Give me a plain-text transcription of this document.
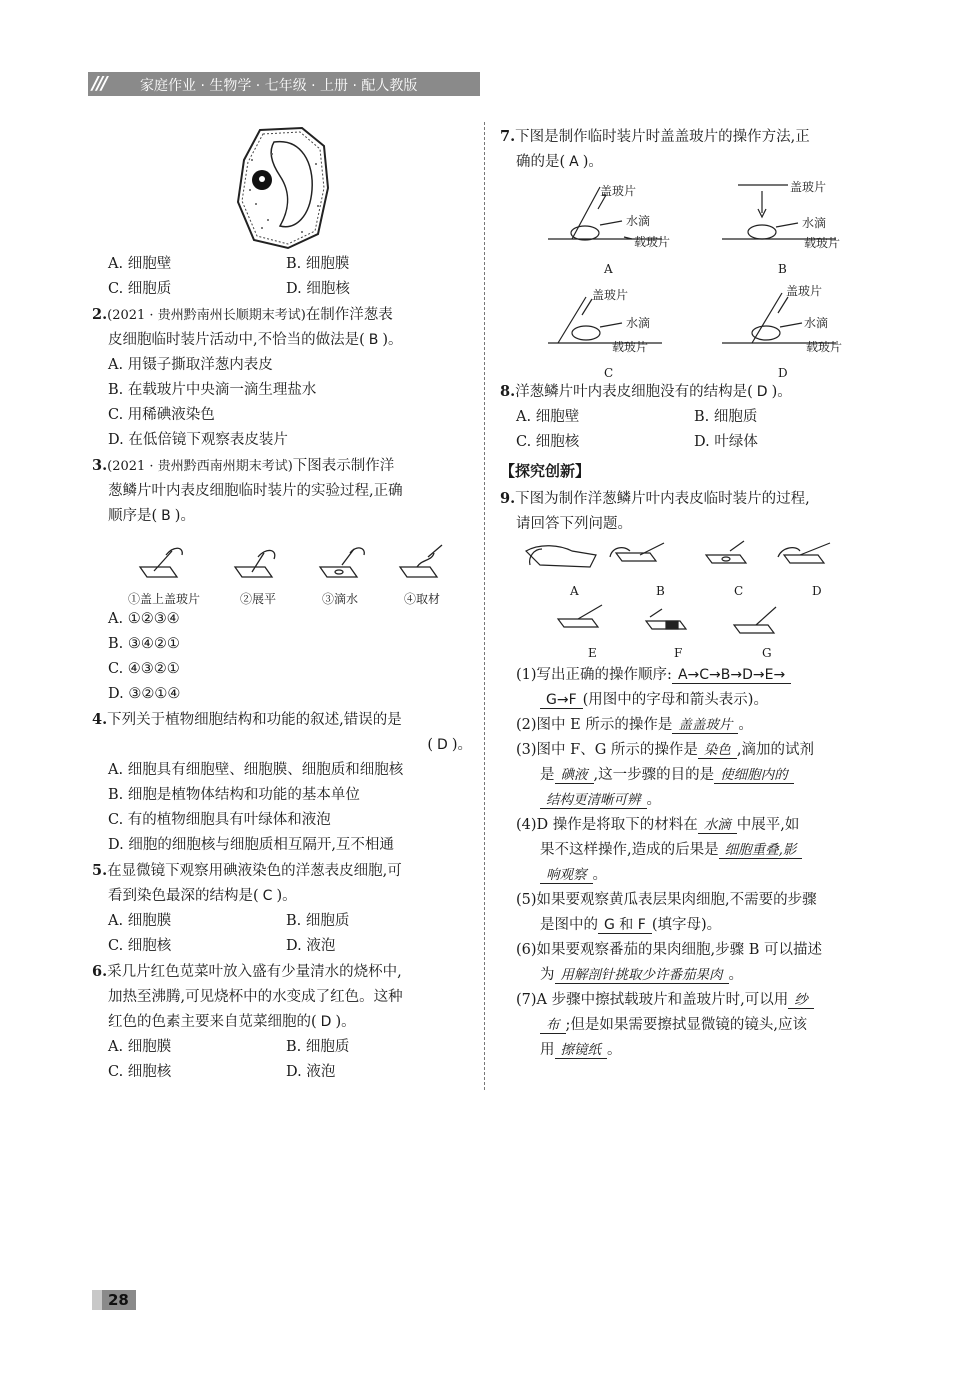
/// 家庭作业 · 生物学 · 七年级 · 上册 · 配人教版
A. 细胞壁	B. 细胞膜
C. 细胞质	D. 细胞核
2.(2021 · 贵州黔南州长顺期末考试)在制作洋葱表
皮细胞临时装片活动中,不恰当的做法是( B )。
A. 用镊子撕取洋葱内表皮
B. 在载玻片中央滴一滴生理盐水
C. 用稀碘液染色
D. 在低倍镜下观察表皮装片
3.(2021 · 贵州黔西南州期末考试)下图表示制作洋
葱鳞片叶内表皮细胞临时装片的实验过程,正确
顺序是( B )。
①盖上盖玻片	②展平	③滴水	④取材
A. ①②③④
B. ③④②①
C. ④③②①
D. ③②①④
4.下列关于植物细胞结构和功能的叙述,错误的是
( D )。
A. 细胞具有细胞壁、细胞膜、细胞质和细胞核
B. 细胞是植物体结构和功能的基本单位
C. 有的植物细胞具有叶绿体和液泡
D. 细胞的细胞核与细胞质相互隔开,互不相通
5.在显微镜下观察用碘液染色的洋葱表皮细胞,可
看到染色最深的结构是( C )。
A. 细胞膜	B. 细胞质
C. 细胞核	D. 液泡
6.采几片红色苋菜叶放入盛有少量清水的烧杯中,
加热至沸腾,可见烧杯中的水变成了红色。这种
红色的色素主要来自苋菜细胞的( D )。
A. 细胞膜	B. 细胞质
C. 细胞核	D. 液泡
7.下图是制作临时装片时盖盖玻片的操作方法,正
确的是( A )。
盖玻片
水滴
载玻片
A
盖玻片
水滴
载玻片
B
盖玻片
水滴
载玻片
C
盖玻片
水滴
载玻片
D
8.洋葱鳞片叶内表皮细胞没有的结构是( D )。
A. 细胞壁	B. 细胞质
C. 细胞核	D. 叶绿体
【探究创新】
9.下图为制作洋葱鳞片叶内表皮临时装片的过程,
请回答下列问题。
A	B	C	D
E	F	G
(1)写出正确的操作顺序: A→C→B→D→E→
G→F (用图中的字母和箭头表示)。
(2)图中 E 所示的操作是 盖盖玻片 。
(3)图中 F、G 所示的操作是 染色 ,滴加的试剂
是 碘液 ,这一步骤的目的是 使细胞内的
结构更清晰可辨 。
(4)D 操作是将取下的材料在 水滴 中展平,如
果不这样操作,造成的后果是 细胞重叠,影
响观察 。
(5)如果要观察黄瓜表层果肉细胞,不需要的步骤
是图中的 G 和 F (填字母)。
(6)如果要观察番茄的果肉细胞,步骤 B 可以描述
为 用解剖针挑取少许番茄果肉 。
(7)A 步骤中擦拭载玻片和盖玻片时,可以用 纱
布 ;但是如果需要擦拭显微镜的镜头,应该
用 擦镜纸 。
28
